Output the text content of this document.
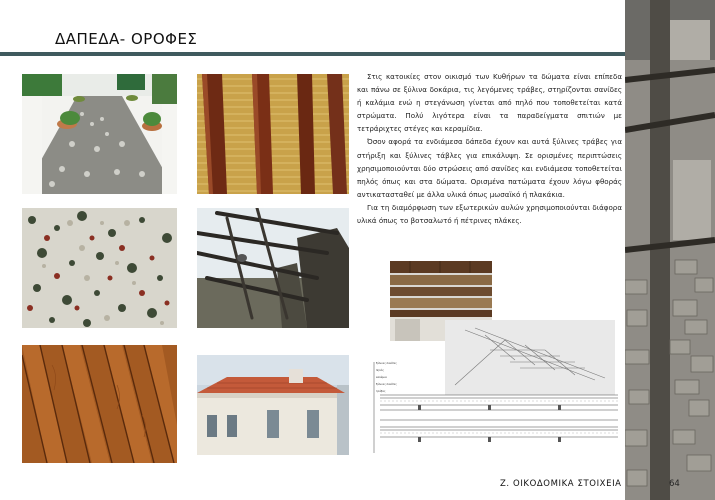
ΔΑΠΕΔΑ- ΟΡΟΦΕΣ

Στις κατοικίες στον οικισμό των Κυθήρων τα δώματα είναι επίπεδα και πάνω σε ξύλινα δοκάρια, τις λεγόμενες τράβες, στηρίζονται σανίδες ή καλάμια ενώ η στεγάνωση γίνεται από πηλό που τοποθετείται κατά στρώματα. Πολύ λιγότερα είναι τα παραδείγματα σπιτιών με τετράριχτες στέγες και κεραμίδια.

Όσον αφορά τα ενδιάμεσα δάπεδα έχουν και αυτά ξύλινες τράβες για στήριξη και ξύλινες τάβλες για επικάλυψη. Σε ορισμένες περιπτώσεις χρησιμοποιούνται δύο στρώσεις από σανίδες και ενδιάμεσα τοποθετείται πηλός όπως και στα δώματα. Ορισμένα πατώματα έχουν λόγω φθοράς αντικατασταθεί με άλλα υλικά όπως μωσαϊκό ή πλακάκια.

Για τη διαμόρφωση των εξωτερικών αυλών χρησιμοποιούνται διάφορα υλικά όπως το βοτσαλωτό ή πέτρινες πλάκες.

ξύλινες σανίδες
πηλός
καλάμια
ξύλινες σανίδες
τράβες
Ζ. ΟΙΚΟΔΟΜΙΚΑ ΣΤΟΙΧΕΙΑ	64
